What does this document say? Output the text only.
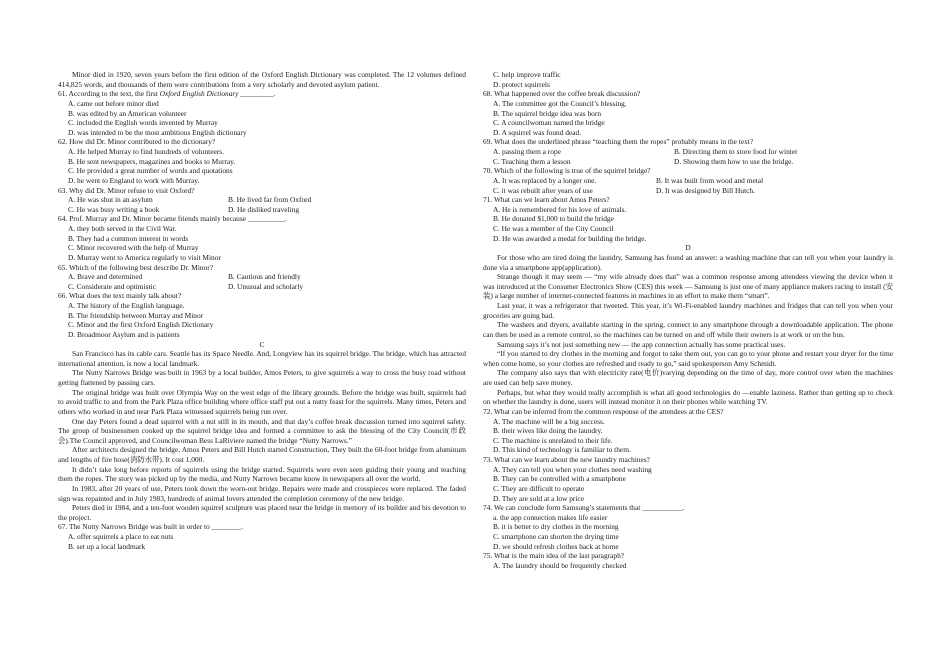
Minor died in 1920, seven years before the first edition of the Oxford English Dictionary was completed. The 12 volumes defined 414,825 words, and thousands of them were contributions from a very scholarly and devoted asylum patient.

61. According to the text, the first Oxford English Dictionary _________.

A. came out before minor died

B. was edited by an American volunteer

C. included the English words invented by Murray

D. was intended to be the most ambitious English dictionary

62. How did Dr. Minor contributed to the dictionary?

A. He helped Murray to find hundreds of volunteers.

B. He sent newspapers, magazines and books to Murray.

C. He provided a great number of words and quotations

D. he went to England to work with Murray.

63. Why did Dr. Minor refuse to visit Oxford?

A. He was shut in an asylum	B. He lived far from Oxford
C. He was busy writing a book	D. He disliked traveling

64. Prof. Murray and Dr. Minor became friends mainly because __________.

A. they both served in the Civil War.

B. They had a common interest in words

C. Minor recovered with the help of Murray

D. Murray went to America regularly to visit Minor

65. Which of the following best describe Dr. Minor?

A. Brave and determined	B. Cautious and friendly
C. Considerate and optimistic	D. Unusual and scholarly

66. What does the text mainly talk about?

A. The history of the English language.

B. The friendship between Murray and Minor

C. Minor and the first Oxford English Dictionary

D. Broadmoor Asylum and is patients

C

San Francisco has its cable cars. Seattle has its Space Needle. And, Longview has its squirrel bridge. The bridge, which has attracted international attention, is now a local landmark.

The Nutty Narrows Bridge was built in 1963 by a local builder, Amos Peters, to give squirrels a way to cross the busy road without getting flattened by passing cars.

The original bridge was built over Olympia Way on the west edge of the library grounds. Before the bridge was built, squirrels had to avoid traffic to and from the Park Plaza office building where office staff put out a nutty feast for the squirrels. Many times, Peters and others who worked in and near Park Plaza witnessed squirrels being run over.

One day Peters found a dead squirrel with a nut still in its mouth, and that day’s coffee break discussion turned into squirrel safety. The group of businessmen cooked up the squirrel bridge idea and formed a committee to ask the blessing of the City Council(市政会).The Council approved, and Councilwoman Bess LaRiviere named the bridge “Nutty Narrows.”

After architects designed the bridge, Amos Peters and Bill Hutch started Construction, They built the 60-foot bridge from aluminum and lengths of fire hose(消防水带). It cost 1,000.

It didn’t take long before reports of squirrels using the bridge started. Squirrels were even seen guiding their young and teaching them the ropes. The story was picked up by the media, and Nutty Narrows became know in newspapers all over the world.

In 1983, after 20 years of use, Peters took down the worn-out bridge. Repairs were made and crosspieces were replaced. The faded sign was repainted and in July 1983, hundreds of animal lovers attended the completion ceremony of the new bridge.

Peters died in 1984, and a ten-foot wooden squirrel sculpture was placed near the bridge in memory of its builder and his devotion to the project.

67. The Nutty Narrows Bridge was built in order to ________.

A. offer squirrels a place to eat nuts

B. set up a local landmark

C. help improve traffic

D. protect squirrels

68. What happened over the coffee break discussion?

A. The committee got the Council’s blessing.

B. The squirrel bridge idea was born

C. A councilwoman named the bridge

D. A squirrel was found dead.

69. What does the underlined phrase “teaching them the ropes” probably means in the text?

A. passing them a rope	B. Directing them to store food for winter
C. Teaching them a lesson	D. Showing them how to use the bridge.

70. Which of the following is true of the squirrel bridge?

A. It was replaced by a longer one.	B. It was built from wood and metal
C. it was rebuilt after years of use	D. It was designed by Bill Hutch.

71. What can we learn about Amos Peters?

A. He is remembered for his love of animals.

B. He donated $1,000 to build the bridge

C. He was a member of the City Council

D. He was awarded a medal for building the bridge.

D

For those who are tired doing the laundry, Samsung has found an answer: a washing machine that can tell you when your laundry is done via a smartphone app(application).

Strange though it may seem — “my wife already does that” was a common response among attendees viewing the device when it was introduced at the Consumer Electronics Show (CES) this week — Samsung is just one of many appliance makers racing to install (安装) a large number of internet-connected features in machines in an effort to make them “smart”.

Last year, it was a refrigerator that tweeted. This year, it’s Wi-Fi-enabled laundry machines and fridges that can tell you when your groceries are going bad.

The washers and dryers, available starting in the spring, connect to any smartphone through a downloadable application. The phone can then be used as a remote control, so the machines can be turned on and off while their owners is at work or on the bus.

Samsung says it’s not just something new — the app connection actually has some practical uses.

“If you started to dry clothes in the morning and forgot to take them out, you can go to your phone and restart your dryer for the time when come home, so your clothes are refreshed and ready to go,” said spokesperson Amy Schmidt.

The company also says that with electricity rate(电价)varying depending on the time of day, more control over when the machines are used can help save money.

Perhaps, but what they would really accomplish is what all good technologies do —enable laziness. Rather than getting up to check on whether the laundry is done, users will instead monitor it on their phones while watching TV.

72. What can be inferred from the common response of the attendees at the CES?

A. The machine will be a big success.

B. their wives like doing the laundry.

C. The machine is unrelated to their life.

D. This kind of technology is familiar to them.

73. What can we learn about the new laundry machines?

A. They can tell you when your clothes need washing

B. They can be controlled with a smartphone

C. They are difficult to operate

D. They are sold at a low price

74. We can conclude form Samsung’s statements that ___________.

a. the app connection makes life easier

B. it is better to dry clothes in the morning

C. smartphone can shorten the drying time

D. we should refresh clothes back at home

75. What is the main idea of the last paragraph?

A. The laundry should be frequently checked
